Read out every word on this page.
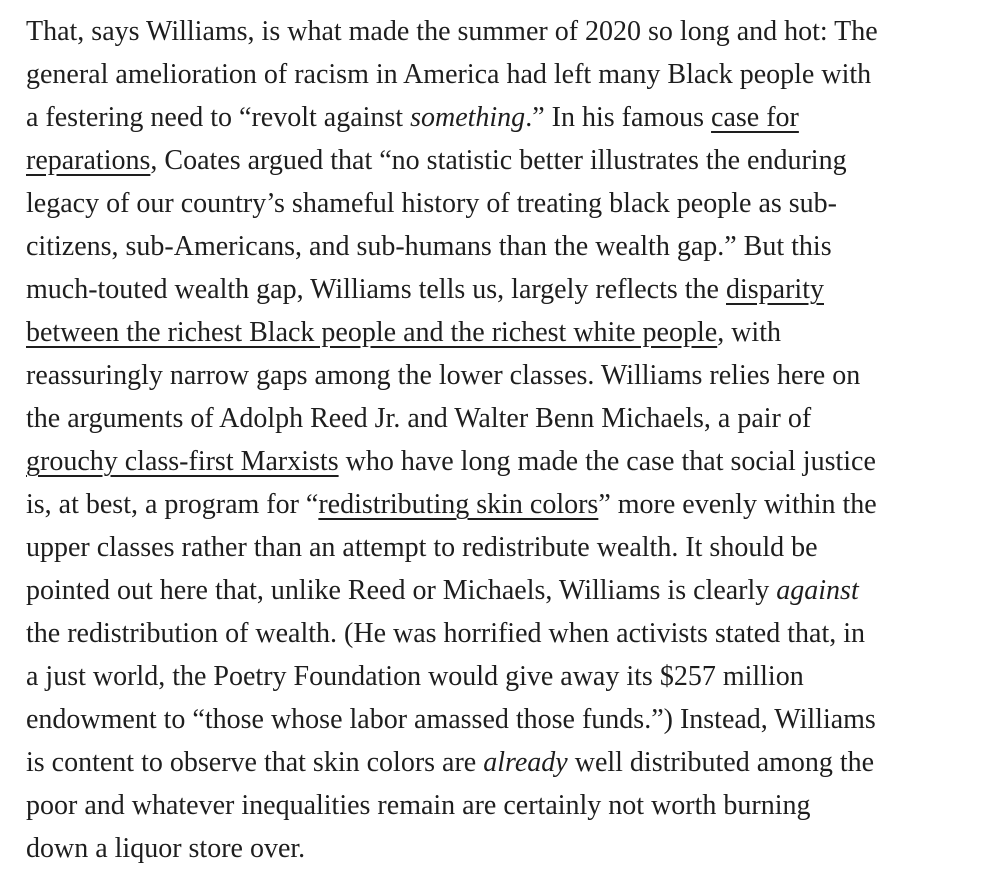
That, says Williams, is what made the summer of 2020 so long and hot: The
general amelioration of racism in America had left many Black people with
a festering need to “revolt against something.” In his famous case for
reparations, Coates argued that “no statistic better illustrates the enduring
legacy of our country’s shameful history of treating black people as sub-
citizens, sub-Americans, and sub-humans than the wealth gap.” But this
much-touted wealth gap, Williams tells us, largely reflects the disparity
between the richest Black people and the richest white people, with
reassuringly narrow gaps among the lower classes. Williams relies here on
the arguments of Adolph Reed Jr. and Walter Benn Michaels, a pair of
grouchy class-first Marxists who have long made the case that social justice
is, at best, a program for “redistributing skin colors” more evenly within the
upper classes rather than an attempt to redistribute wealth. It should be
pointed out here that, unlike Reed or Michaels, Williams is clearly against
the redistribution of wealth. (He was horrified when activists stated that, in
a just world, the Poetry Foundation would give away its $257 million
endowment to “those whose labor amassed those funds.”) Instead, Williams
is content to observe that skin colors are already well distributed among the
poor and whatever inequalities remain are certainly not worth burning
down a liquor store over.
